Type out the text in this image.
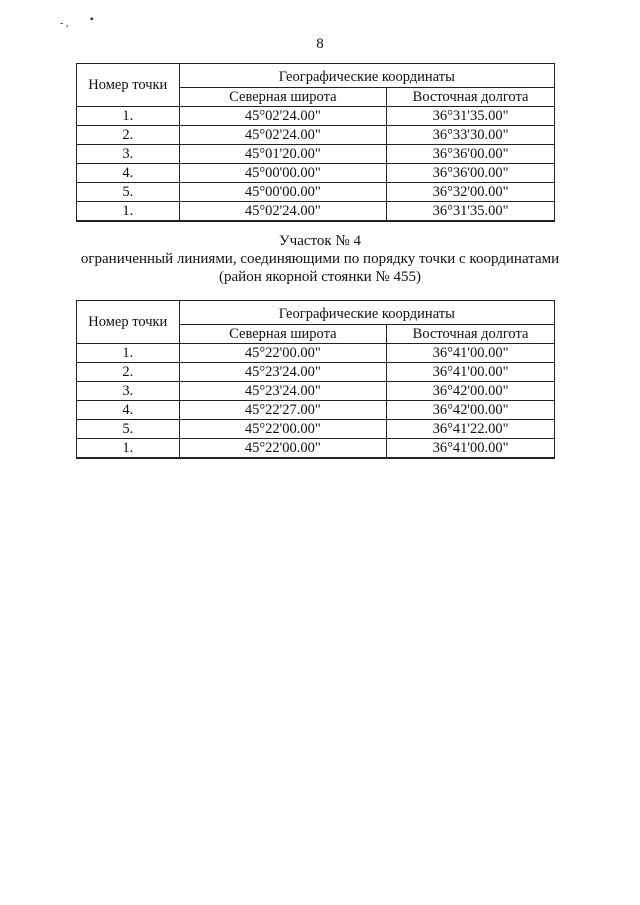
- , ▪
8
Номер точки	Географические координаты	
	Северная широта	Восточная долгота
1.	45°02'24.00"	36°31'35.00"
2.	45°02'24.00"	36°33'30.00"
3.	45°01'20.00"	36°36'00.00"
4.	45°00'00.00"	36°36'00.00"
5.	45°00'00.00"	36°32'00.00"
1.	45°02'24.00"	36°31'35.00"
Участок № 4
ограниченный линиями, соединяющими по порядку точки с координатами
(район якорной стоянки № 455)
Номер точки	Географические координаты	
	Северная широта	Восточная долгота
1.	45°22'00.00"	36°41'00.00"
2.	45°23'24.00"	36°41'00.00"
3.	45°23'24.00"	36°42'00.00"
4.	45°22'27.00"	36°42'00.00"
5.	45°22'00.00"	36°41'22.00"
1.	45°22'00.00"	36°41'00.00"
